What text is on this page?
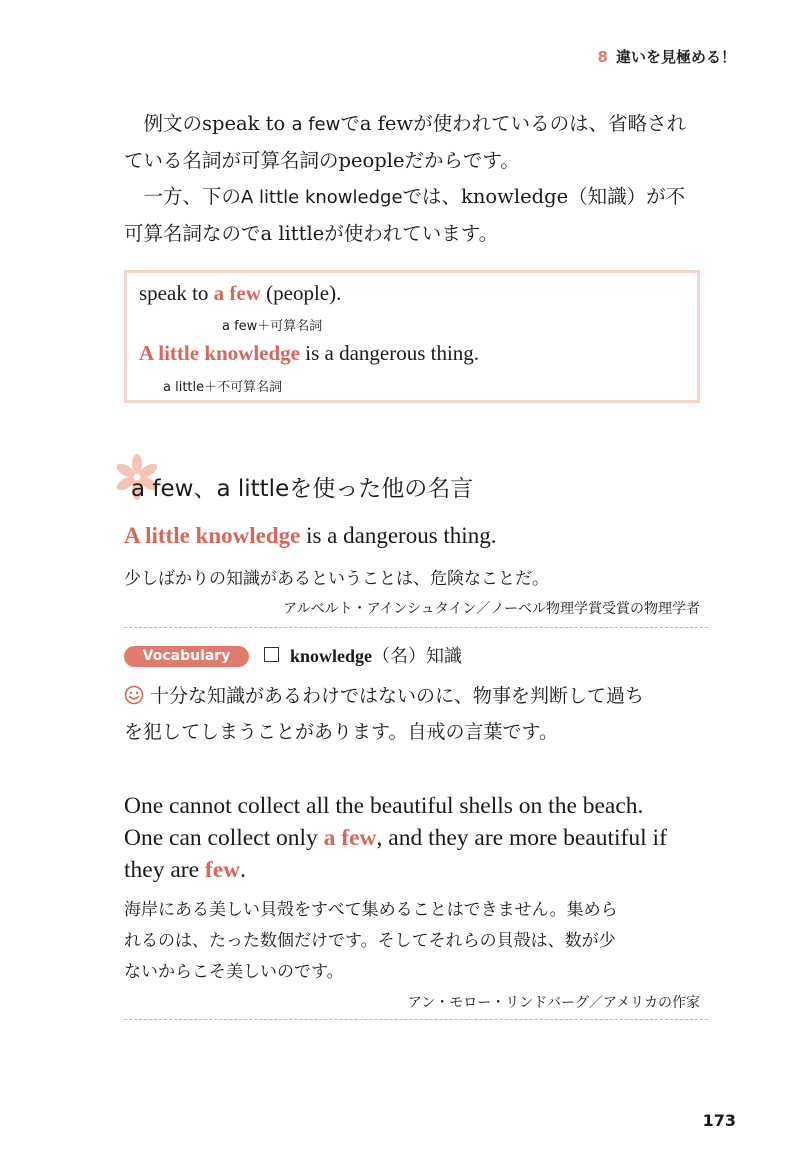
8 違いを見極める！

例文のspeak to a fewでa fewが使われているのは、省略され

ている名詞が可算名詞のpeopleだからです。

一方、下のA little knowledgeでは、knowledge（知識）が不

可算名詞なのでa littleが使われています。

speak to a few (people).
a few＋可算名詞
A little knowledge is a dangerous thing.
a little＋不可算名詞
a few、a littleを使った他の名言
A little knowledge is a dangerous thing.
少しばかりの知識があるということは、危険なことだ。
アルベルト・アインシュタイン／ノーベル物理学賞受賞の物理学者
Vocabulary	knowledge（名）知識
十分な知識があるわけではないのに、物事を判断して過ち
を犯してしまうことがあります。自戒の言葉です。
One cannot collect all the beautiful shells on the beach.
One can collect only a few, and they are more beautiful if
they are few.
海岸にある美しい貝殻をすべて集めることはできません。集めら
れるのは、たった数個だけです。そしてそれらの貝殻は、数が少
ないからこそ美しいのです。
アン・モロー・リンドバーグ／アメリカの作家
173
